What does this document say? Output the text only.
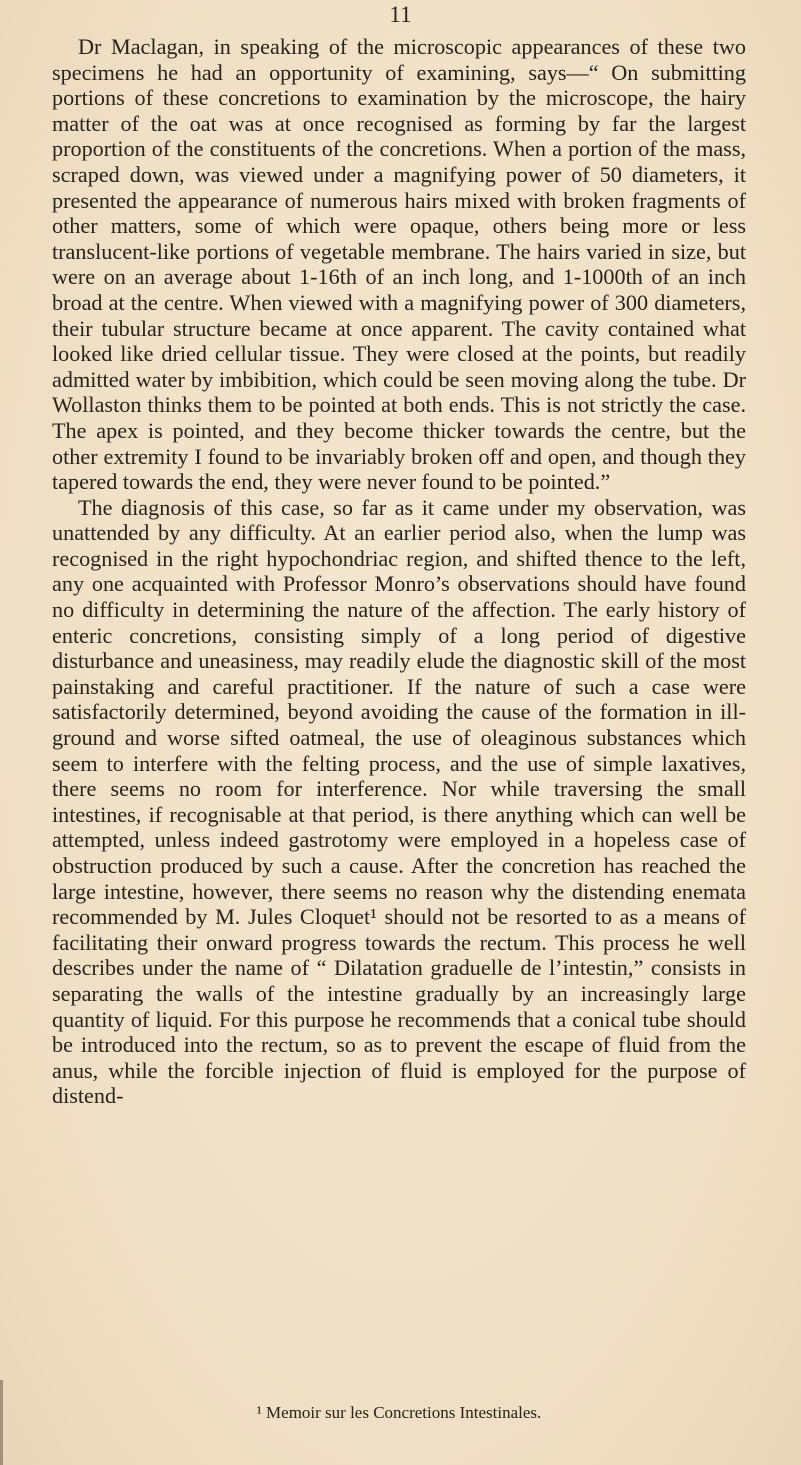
11

Dr Maclagan, in speaking of the microscopic appearances of these two specimens he had an opportunity of examining, says—“ On submitting portions of these concretions to examination by the microscope, the hairy matter of the oat was at once recognised as forming by far the largest proportion of the constituents of the concretions. When a portion of the mass, scraped down, was viewed under a magnifying power of 50 diameters, it presented the appearance of numerous hairs mixed with broken fragments of other matters, some of which were opaque, others being more or less translucent-like portions of vegetable membrane. The hairs varied in size, but were on an average about 1-16th of an inch long, and 1-1000th of an inch broad at the centre. When viewed with a magnifying power of 300 diameters, their tubular structure became at once apparent. The cavity contained what looked like dried cellular tissue. They were closed at the points, but readily admitted water by imbibition, which could be seen moving along the tube. Dr Wollaston thinks them to be pointed at both ends. This is not strictly the case. The apex is pointed, and they become thicker towards the centre, but the other extremity I found to be invariably broken off and open, and though they tapered towards the end, they were never found to be pointed.”

The diagnosis of this case, so far as it came under my observation, was unattended by any difficulty. At an earlier period also, when the lump was recognised in the right hypochondriac region, and shifted thence to the left, any one acquainted with Professor Monro’s observations should have found no difficulty in determining the nature of the affection. The early history of enteric concretions, consisting simply of a long period of digestive disturbance and uneasiness, may readily elude the diagnostic skill of the most painstaking and careful practitioner. If the nature of such a case were satisfactorily determined, beyond avoiding the cause of the formation in ill-ground and worse sifted oatmeal, the use of oleaginous substances which seem to interfere with the felting process, and the use of simple laxatives, there seems no room for interference. Nor while traversing the small intestines, if recognisable at that period, is there anything which can well be attempted, unless indeed gastrotomy were employed in a hopeless case of obstruction produced by such a cause. After the concretion has reached the large intestine, however, there seems no reason why the distending enemata recommended by M. Jules Cloquet¹ should not be resorted to as a means of facilitating their onward progress towards the rectum. This process he well describes under the name of “ Dilatation graduelle de l’intestin,” consists in separating the walls of the intestine gradually by an increasingly large quantity of liquid. For this purpose he recommends that a conical tube should be introduced into the rectum, so as to prevent the escape of fluid from the anus, while the forcible injection of fluid is employed for the purpose of distend-

¹ Memoir sur les Concretions Intestinales.
